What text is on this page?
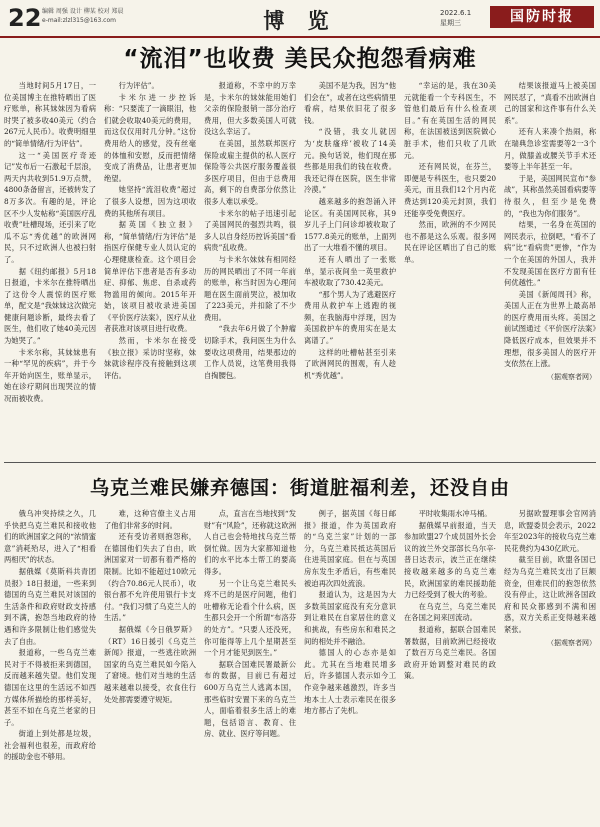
22 编辑 周强 设计 柳某 校对 郑晨
e-mail:zlzl315@163.com	博 览	2022.6.1
星期三	国防时报
“流泪”也收费 美民众抱怨看病难

当地时间5月17日，一位美国博主在推特晒出了医疗账单，称其妹妹因为看病时哭了被多收40美元（约合267元人民币）。收费明细里的“简单情绪/行为评估”。

这一“美国医疗奇迹记”发布后一石激起千层浪，两天内共收到51.9万点赞，4800条备留言，还被转发了8万多次。有趣的是，评论区不少人发帖称“美国医疗乱收费”吐槽现场，还引来了吃瓜不忘“秀优越”的欧洲网民，只不过欧洲人也被扫射了。

据《纽约邮报》5月18日报道，卡米尔在推特晒出了这份令人震惊的医疗账单，配文是“我妹妹这次做完健康问题诊断，最终去看了医生，他们收了她40美元因为她哭了。”

卡米尔称，其妹妹患有一种“罕见的疾病”，并于今年开始向医生，账单显示，她在诊疗期间出现哭泣的情况而被收费。

行为评估”。

卡米尔进一步控诉称：“只要流了一滴眼泪，他们就会收取40美元的费用，而这仅仅用时几分钟。”这份费用给人的感觉，没有丝毫的体恤和安慰，反而把情绪变成了消费品，让患者更加绝望。

她坚持“流泪收费”超过了很多人设想，因为这项收费的其他所有项目。

据英国《独立报》称，“简单情绪/行为评估”是指医疗保健专业人员认定的心理健康检查。这个项目会简单评估下患者是否有多动症、抑郁、焦虑、自杀或药物滥用的倾向。2015年开始，该项目被收录进美国《平价医疗法案》，医疗从业者获准对该项目进行收费。

然而，卡米尔在接受《独立报》采访时坚称，妹妹就诊程序没有接触到这项评估。

报道称，不幸中的万幸是，卡米尔的妹妹能用她们父亲的保险报销一部分治疗费用，但大多数美国人可就没这么幸运了。

在美国，虽然联邦医疗保险或雇主提供的私人医疗保险等公共医疗服务覆盖很多医疗项目，但由于总费用高，剩下的自费部分依然让很多人难以承受。

卡米尔的帖子迅速引起了美国网民的强烈共鸣，很多人以自身经历控诉美国“看病贵”乱收费。

与卡米尔妹妹有相同经历的网民晒出了不同一年前的账单，称当时因为心理问题在医生面前哭泣，被加收了223美元，并扣除了不少费用。

“我去年6月做了个肿瘤切除手术，我问医生为什么要收这项费用，结果那边的工作人员说，这笔费用我得自掏腰包。

美国不是为我，因为“他们会在”，或者在这些病情里看病，结果依旧花了很多钱。

“没错，我女儿就因为‘皮肤瘙痒’被收了14美元。换句话说，他们现在那些都是用我们的钱在收费。我还记得在医院，医生非常冷漠。”

越来越多的抱怨涌入评论区。有美国网民称，其9岁儿子上门问诊却被收取了1577.8美元的账单，上面列出了一大堆看不懂的项目。

还有人晒出了一张账单，显示夜间坐一英里救护车被收取了730.42美元。

“那个男人为了逃避医疗费用从救护车上逃跑的视频，在我脑海中浮现，因为美国救护车的费用实在是太离谱了。”

这样的吐槽帖甚至引来了欧洲网民的围观，有人趁机“秀优越”。

“幸运的是，我在30美元就能看一个专科医生，不管他们最后有什么检查项目。”有在英国生活的网民称，在法国被送到医院做心脏手术，他们只收了几欧元。

还有网民说，在芬兰，即便是专科医生，也只要20美元，而且我们12个月内花费达到120美元封顶，我们还能享受免费医疗。

然而，欧洲的不少网民也不都是这么乐观。很多网民在评论区晒出了自己的账单。

结果该报道马上被美国网民怼了，“真看不出欧洲自己的国家和这件事有什么关系”。

还有人来凑个热闹，称在瑞典急诊室需要等2一3个月，做膝盖或腰关节手术还要等上半年甚至一年。

于是，美国网民宣布“参战”，其称虽然美国看病要等待很久，但至少是免费的，“我也为你们服务”。

结果，一名身在英国的网民表示，拉倒吧，“看不了病”比“看病贵”更惨，“作为一个在美国的外国人，我并不发现美国在医疗方面有任何优越性。”

美国《新闻周刊》称，美国人正在为世界上最高昂的医疗费用而头疼。美国之前试图通过《平价医疗法案》降低医疗成本，但效果并不理想，很多美国人的医疗开支依然在上涨。

（据观察者网）
乌克兰难民嫌弃德国：街道脏福利差，还没自由

俄乌冲突持续之久，几乎快把乌克兰难民和接收他们的欧洲国家之间的“浓情蜜意”消耗殆尽，进入了“相看两相厌”的状态。

据俄媒《莫斯科共青团员报》18日报道，一些来到德国的乌克兰难民对该国的生活条件和政府财政支持感到不满，抱怨当地政府的待遇和许多限制让他们感觉失去了自由。

报道称，一些乌克兰难民对于不得被拒来到德国，反而越来越失望。他们发现德国在这里的生活远不如西方媒体所描绘的那样美好，甚至不如在乌克兰老家的日子。

街道上到处都是垃圾，社会福利也很差，而政府给的援助金也不够用。

难，这种官僚主义占用了他们非常多的时间。

还有受访者则抱怨称，在德国他们失去了自由，欧洲国家对一切都有着严格的限制。比如不能超过10欧元（约合70.86元人民币），收银台都不允许使用银行卡支付。“我们习惯了乌克兰人的生活。”

据俄媒《今日俄罗斯》（RT）16日援引《乌克兰新闻》报道，一些逃往欧洲国家的乌克兰难民如今陷入了窘境。他们对当地的生活越来越难以接受，衣食住行处处都需要遵守规矩。

点，直言在当地找到“发财”有“风险”，还称就这欧洲人自己也会特地找乌克兰帮倒忙做。因为大家都知道他们的水平比本土帮工的要高得多。

另一个让乌克兰难民头疼不已的是医疗问题，他们吐槽称无论看个什么病，医生都只会开一个所谓“布洛芬的处方”。“只要人还没死，你可能得等上几个星期甚至一个月才能见到医生。”

据联合国难民署最新公布的数据，目前已有超过600万乌克兰人逃离本国，那些临时安置下来的乌克兰人，面临着很多生活上的难题，包括语言、教育、住房、就业、医疗等问题。

例子，据英国《每日邮报》报道，作为英国政府的“乌克兰家”计划的一部分，乌克兰难民抵达英国后住进英国家庭。但在与英国房东发生矛盾后，有些难民被迫再次四处流浪。

报道认为，这是因为大多数英国家庭没有充分意识到让难民在自家居住的意义和挑战，有些房东和难民之间的相处并不融洽。

德国人的心态亦是如此。尤其在当地难民增多后，许多德国人表示如今工作竞争越来越激烈，许多当地本土人士表示难民在很多地方都占了先机。

平时收集雨水冲马桶。

据俄媒早前报道，当天参加欧盟27个成员国外长会议的波兰外交部部长乌尔辛·普日达表示，波兰正在继续接收越来越多的乌克兰难民，欧洲国家的难民援助能力已经受到了极大的考验。

在乌克兰，乌克兰难民在各国之间来回流动。

报道称，据联合国难民署数据，目前欧洲已经接收了数百万乌克兰难民。各国政府开始调整对难民的政策。

另据欧盟理事会官网消息，欧盟委员会表示，2022年至2023年的接收乌克兰难民花费约为430亿欧元。

截至目前，欧盟各国已经为乌克兰难民支出了巨额资金，但难民们的抱怨依然没有停止，这让欧洲各国政府和民众都感到不满和困惑，双方关系正变得越来越紧张。

（据观察者网）
